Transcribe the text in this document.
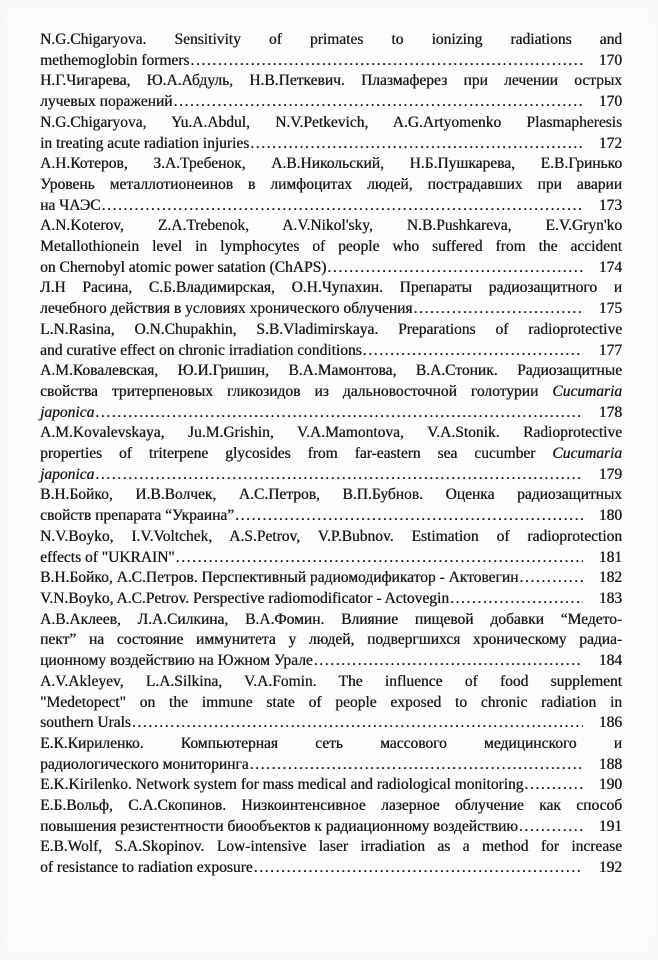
N.G.Chigaryova. Sensitivity of primates to ionizing radiations and
methemoglobin formers .....	170
Н.Г.Чигарева, Ю.А.Абдуль, Н.В.Петкевич. Плазмаферез при лечении острых
лучевых поражений .....	170
N.G.Chigaryova, Yu.A.Abdul, N.V.Petkevich, A.G.Artyomenko Plasmapheresis
in treating acute radiation injuries .....	172
А.Н.Котеров, З.А.Требенок, А.В.Никольский, Н.Б.Пушкарева, Е.В.Гринько
Уровень металлотионеинов в лимфоцитах людей, пострадавших при аварии
на ЧАЭС .....	173
A.N.Koterov, Z.A.Trebenok, A.V.Nikol'sky, N.B.Pushkareva, E.V.Gryn'ko
Metallothionein level in lymphocytes of people who suffered from the accident
on Chernobyl atomic power satation (ChAPS) .....	174
Л.Н Расина, С.Б.Владимирская, О.Н.Чупахин. Препараты радиозащитного и
лечебного действия в условиях хронического облучения .....	175
L.N.Rasina, O.N.Chupakhin, S.B.Vladimirskaya. Preparations of radioprotective
and curative effect on chronic irradiation conditions .....	177
А.М.Ковалевская, Ю.И.Гришин, В.А.Мамонтова, В.А.Стоник. Радиозащитные
свойства тритерпеновых гликозидов из дальновосточной голотурии Cucumaria
japonica .....	178
A.M.Kovalevskaya, Ju.M.Grishin, V.A.Mamontova, V.A.Stonik. Radioprotective
properties of triterpene glycosides from far-eastern sea cucumber Cucumaria
japonica .....	179
В.Н.Бойко, И.В.Волчек, А.С.Петров, В.П.Бубнов. Оценка радиозащитных
свойств препарата “Украина” .....	180
N.V.Boyko, I.V.Voltchek, A.S.Petrov, V.P.Bubnov. Estimation of radioprotection
effects of "UKRAIN" .....	181
В.Н.Бойко, А.С.Петров. Перспективный радиомодификатор - Актовегин .....	182
V.N.Boyko, A.C.Petrov. Perspective radiomodificator - Actovegin .....	183
А.В.Аклеев, Л.А.Силкина, В.А.Фомин. Влияние пищевой добавки “Медето-
пект” на состояние иммунитета у людей, подвергшихся хроническому радиа-
ционному воздействию на Южном Урале .....	184
A.V.Akleyev, L.A.Silkina, V.A.Fomin. The influence of food supplement
"Medetopect" on the immune state of people exposed to chronic radiation in
southern Urals .....	186
Е.К.Кириленко. Компьютерная сеть массового медицинского и
радиологического мониторинга .....	188
E.K.Kirilenko. Network system for mass medical and radiological monitoring .....	190
Е.Б.Вольф, С.А.Скопинов. Низкоинтенсивное лазерное облучение как способ
повышения резистентности биообъектов к радиационному воздействию .....	191
E.B.Wolf, S.A.Skopinov. Low-intensive laser irradiation as a method for increase
of resistance to radiation exposure .....	192
